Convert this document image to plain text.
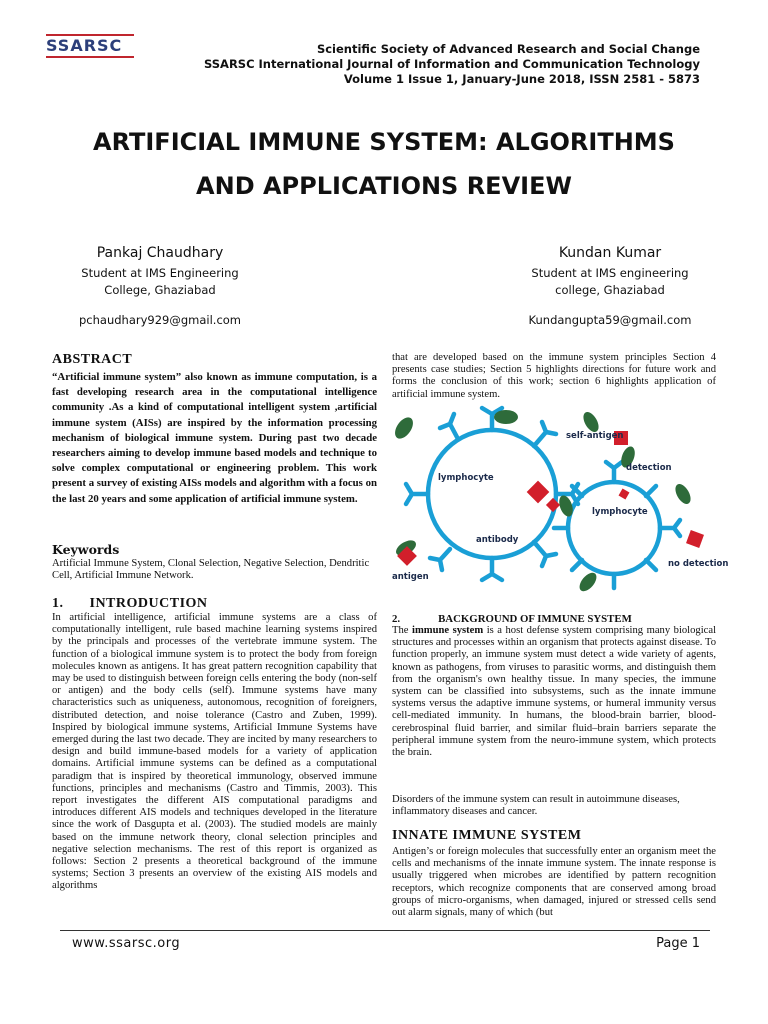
SSARSC	Scientific Society of Advanced Research and Social Change
SSARSC International Journal of Information and Communication Technology
Volume 1 Issue 1, January-June 2018, ISSN 2581 - 5873
ARTIFICIAL IMMUNE SYSTEM: ALGORITHMS
AND APPLICATIONS REVIEW
Pankaj Chaudhary
Student at IMS Engineering
College, Ghaziabad
pchaudhary929@gmail.com
Kundan Kumar
Student at IMS engineering
college, Ghaziabad
Kundangupta59@gmail.com
ABSTRACT
“Artificial immune system” also known as immune computation, is a fast developing research area in the computational intelligence community .As a kind of computational intelligent system ,artificial immune system (AISs) are inspired by the information processing mechanism of biological immune system. During past two decade researchers aiming to develop immune based models and technique to solve complex computational or engineering problem. This work present a survey of existing AISs models and algorithm with a focus on the last 20 years and some application of artificial immune system.
Keywords
Artificial Immune System, Clonal Selection, Negative Selection, Dendritic Cell, Artificial Immune Network.
1. INTRODUCTION
In artificial intelligence, artificial immune systems are a class of computationally intelligent, rule based machine learning systems inspired by the principals and processes of the vertebrate immune system. The function of a biological immune system is to protect the body from foreign molecules known as antigens. It has great pattern recognition capability that may be used to distinguish between foreign cells entering the body (non-self or antigen) and the body cells (self). Immune systems have many characteristics such as uniqueness, autonomous, recognition of foreigners, distributed detection, and noise tolerance (Castro and Zuben, 1999). Inspired by biological immune systems, Artificial Immune Systems have emerged during the last two decade. They are incited by many researchers to design and build immune-based models for a variety of application domains. Artificial immune systems can be defined as a computational paradigm that is inspired by theoretical immunology, observed immune functions, principles and mechanisms (Castro and Timmis, 2003). This report investigates the different AIS computational paradigms and introduces different AIS models and techniques developed in the literature since the work of Dasgupta et al. (2003). The studied models are mainly based on the immune network theory, clonal selection principles and negative selection mechanisms. The rest of this report is organized as follows: Section 2 presents a theoretical background of the immune systems; Section 3 presents an overview of the existing AIS models and algorithms
that are developed based on the immune system principles Section 4 presents case studies; Section 5 highlights directions for future work and forms the conclusion of this work; section 6 highlights application of artificial immune system.
self-antigen
detection
lymphocyte
lymphocyte
antibody
antigen
no detection
2.	BACKGROUND OF IMMUNE SYSTEM
The immune system is a host defense system comprising many biological structures and processes within an organism that protects against disease. To function properly, an immune system must detect a wide variety of agents, known as pathogens, from viruses to parasitic worms, and distinguish them from the organism's own healthy tissue. In many species, the immune system can be classified into subsystems, such as the innate immune systems versus the adaptive immune systems, or humeral immunity versus cell-mediated immunity. In humans, the blood-brain barrier, blood-cerebrospinal fluid barrier, and similar fluid–brain barriers separate the peripheral immune system from the neuro-immune system, which protects the brain.
Disorders of the immune system can result in autoimmune diseases, inflammatory diseases and cancer.
INNATE IMMUNE SYSTEM
Antigen’s or foreign molecules that successfully enter an organism meet the cells and mechanisms of the innate immune system. The innate response is usually triggered when microbes are identified by pattern recognition receptors, which recognize components that are conserved among broad groups of micro-organisms, when damaged, injured or stressed cells send out alarm signals, many of which (but
www.ssarsc.org	Page 1
